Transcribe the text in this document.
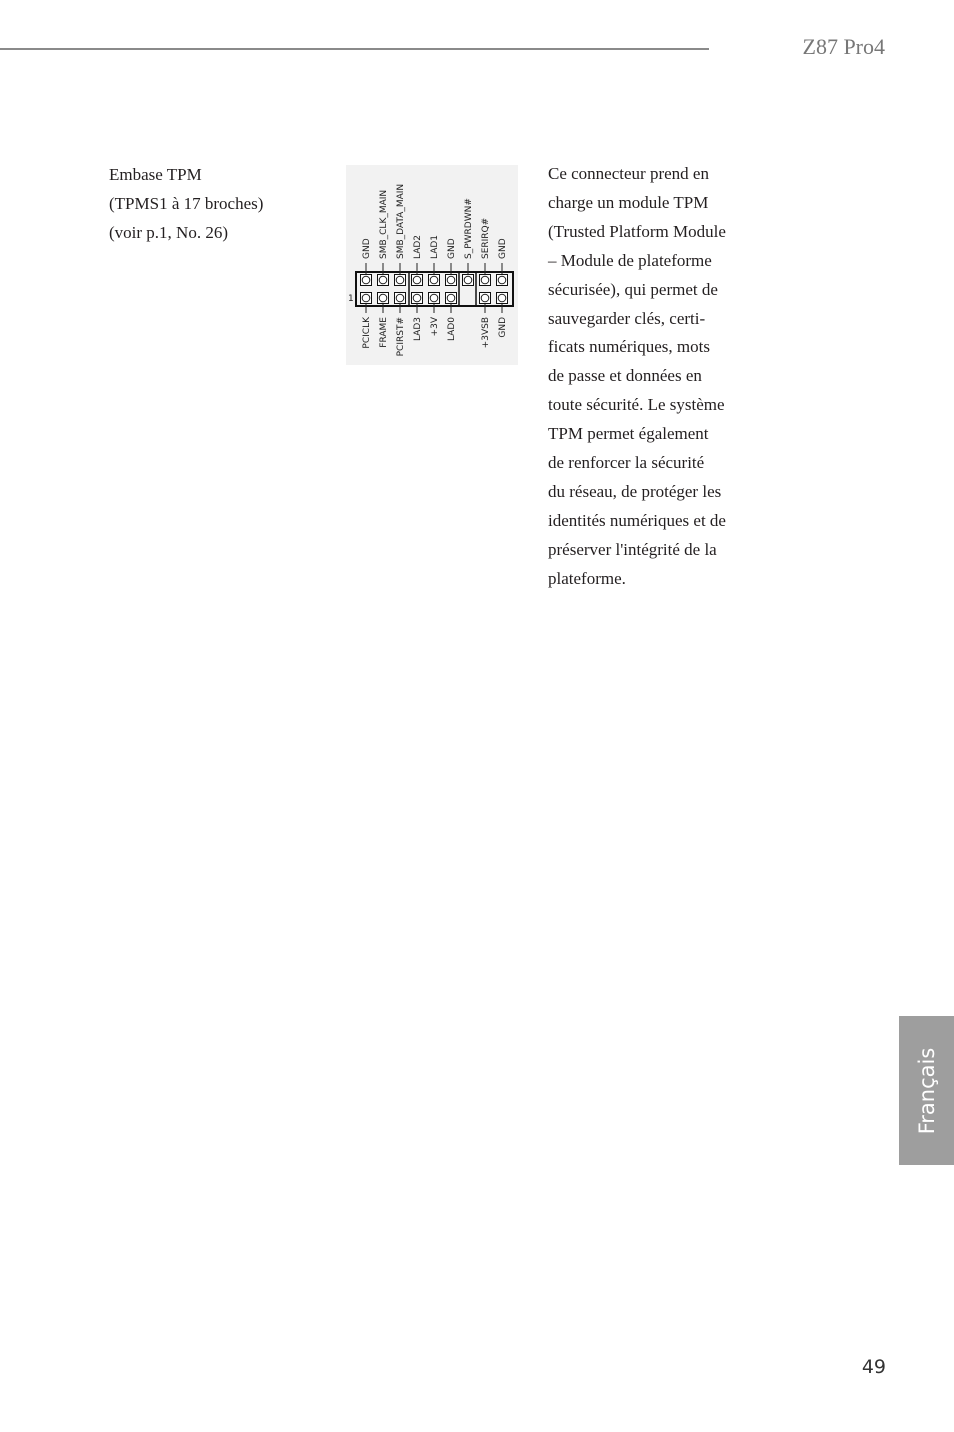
Z87 Pro4
Embase TPM
(TPMS1 à 17 broches)
(voir p.1, No. 26)
GND
PCICLK
SMB_CLK_MAIN
FRAME
SMB_DATA_MAIN
PCIRST#
LAD2
LAD3
LAD1
+3V
GND
LAD0
S_PWRDWN# SERIRQ#
+3VSB
GND
GND
1
Ce connecteur prend en
charge un module TPM
(Trusted Platform Module
– Module de plateforme
sécurisée), qui permet de
sauvegarder clés, certi-
ficats numériques, mots
de passe et données en
toute sécurité. Le système
TPM permet également
de renforcer la sécurité
du réseau, de protéger les
identités numériques et de
préserver l'intégrité de la
plateforme.
Français
49
